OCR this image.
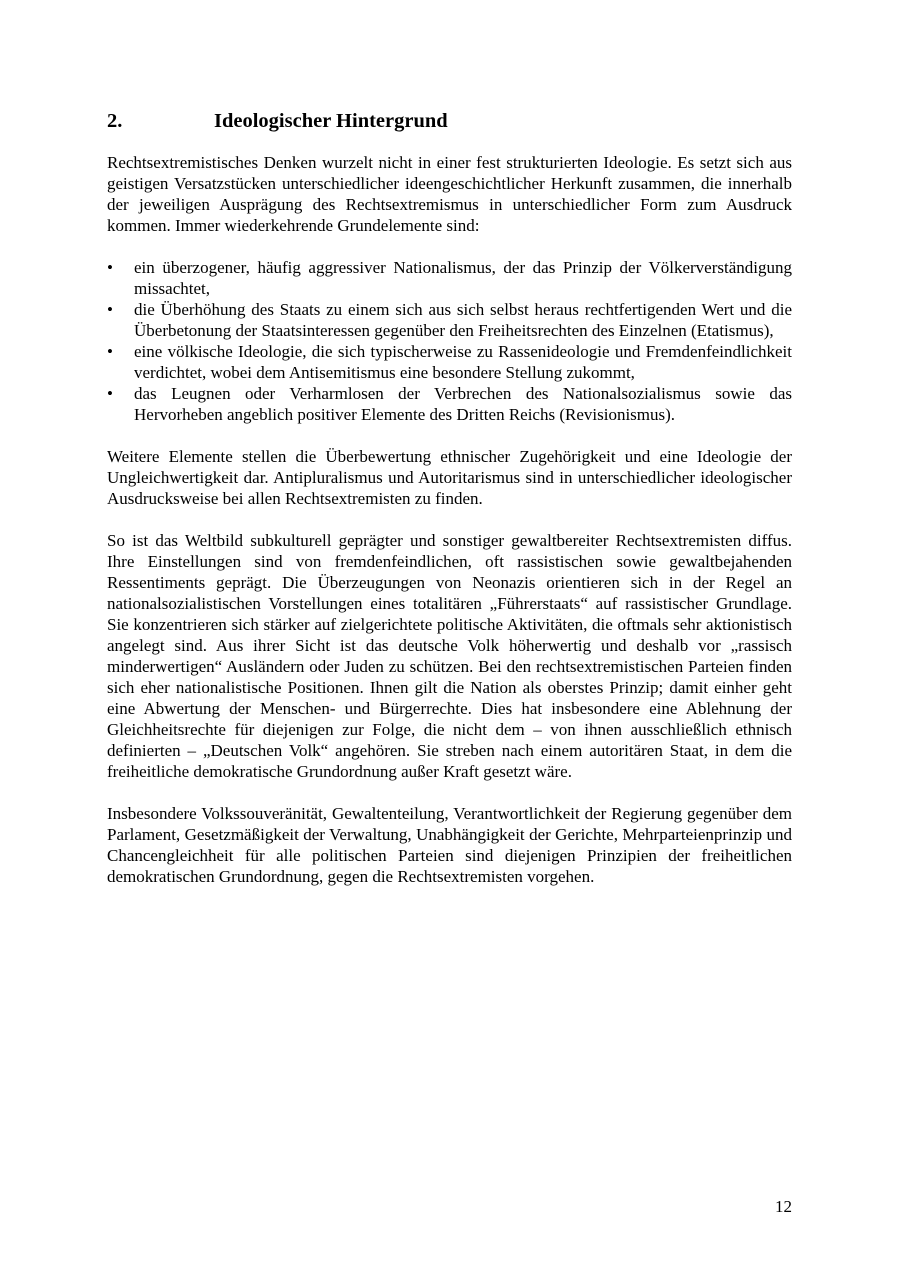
2.	Ideologischer Hintergrund

Rechtsextremistisches Denken wurzelt nicht in einer fest strukturierten Ideologie. Es setzt sich aus geistigen Versatzstücken unterschiedlicher ideengeschichtlicher Herkunft zusammen, die innerhalb der jeweiligen Ausprägung des Rechtsextremismus in unterschiedlicher Form zum Ausdruck kommen. Immer wiederkehrende Grundelemente sind:

•	ein überzogener, häufig aggressiver Nationalismus, der das Prinzip der Völkerverständigung missachtet,
•	die Überhöhung des Staats zu einem sich aus sich selbst heraus rechtfertigenden Wert und die Überbetonung der Staatsinteressen gegenüber den Freiheitsrechten des Einzelnen (Etatismus),
•	eine völkische Ideologie, die sich typischerweise zu Rassenideologie und Fremdenfeindlichkeit verdichtet, wobei dem Antisemitismus eine besondere Stellung zukommt,
•	das Leugnen oder Verharmlosen der Verbrechen des Nationalsozialismus sowie das Hervorheben angeblich positiver Elemente des Dritten Reichs (Revisionismus).

Weitere Elemente stellen die Überbewertung ethnischer Zugehörigkeit und eine Ideologie der Ungleichwertigkeit dar. Antipluralismus und Autoritarismus sind in unterschiedlicher ideologischer Ausdrucksweise bei allen Rechtsextremisten zu finden.

So ist das Weltbild subkulturell geprägter und sonstiger gewaltbereiter Rechtsextremisten diffus. Ihre Einstellungen sind von fremdenfeindlichen, oft rassistischen sowie gewaltbejahenden Ressentiments geprägt. Die Überzeugungen von Neonazis orientieren sich in der Regel an nationalsozialistischen Vorstellungen eines totalitären „Führerstaats“ auf rassistischer Grundlage. Sie konzentrieren sich stärker auf zielgerichtete politische Aktivitäten, die oftmals sehr aktionistisch angelegt sind. Aus ihrer Sicht ist das deutsche Volk höherwertig und deshalb vor „rassisch minderwertigen“ Ausländern oder Juden zu schützen. Bei den rechtsextremistischen Parteien finden sich eher nationalistische Positionen. Ihnen gilt die Nation als oberstes Prinzip; damit einher geht eine Abwertung der Menschen- und Bürgerrechte. Dies hat insbesondere eine Ablehnung der Gleichheitsrechte für diejenigen zur Folge, die nicht dem – von ihnen ausschließlich ethnisch definierten – „Deutschen Volk“ angehören. Sie streben nach einem autoritären Staat, in dem die freiheitliche demokratische Grundordnung außer Kraft gesetzt wäre.

Insbesondere Volkssouveränität, Gewaltenteilung, Verantwortlichkeit der Regierung gegenüber dem Parlament, Gesetzmäßigkeit der Verwaltung, Unabhängigkeit der Gerichte, Mehrparteienprinzip und Chancengleichheit für alle politischen Parteien sind diejenigen Prinzipien der freiheitlichen demokratischen Grundordnung, gegen die Rechtsextremisten vorgehen.

12
